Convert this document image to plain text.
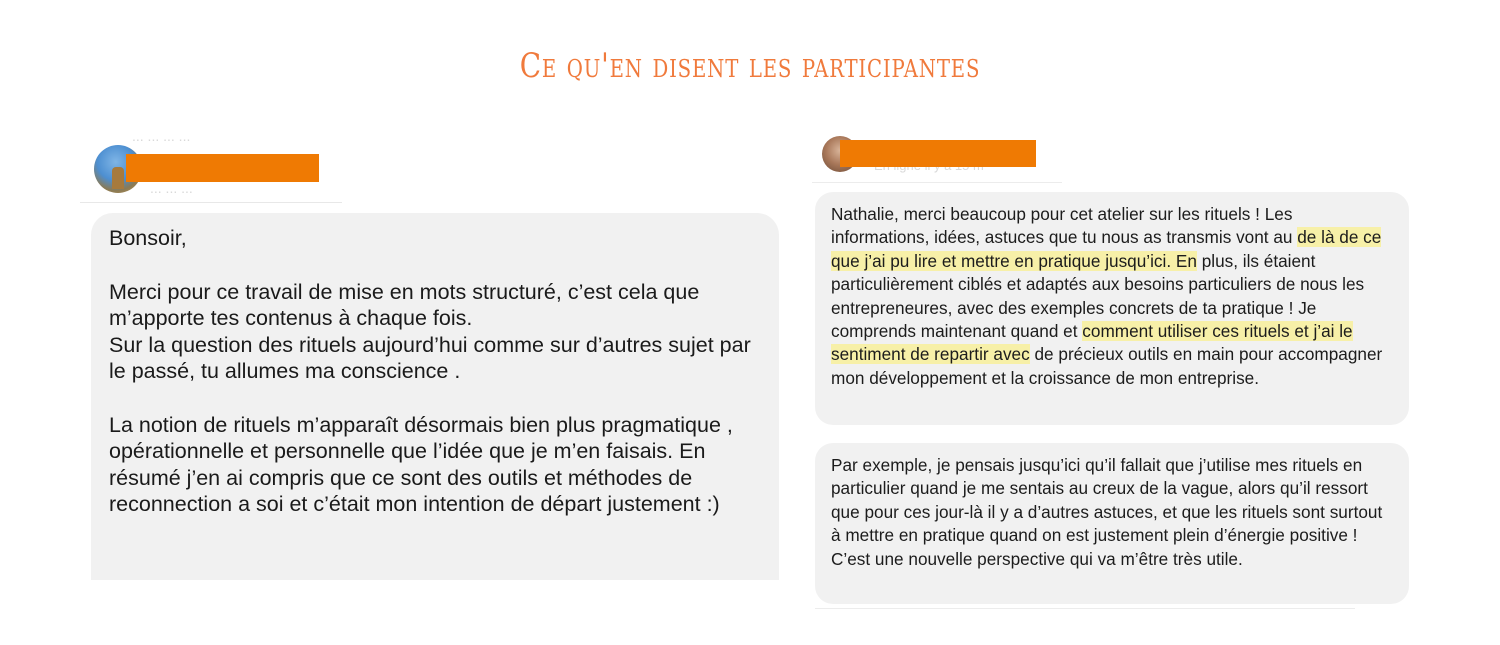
Ce qu'en disent les participantes
... ... ... ...
... ... ...

Bonsoir,

Merci pour ce travail de mise en mots structuré, c’est cela que m’apporte tes contenus à chaque fois.
Sur la question des rituels aujourd’hui comme sur d’autres sujet par le passé, tu allumes ma conscience .

La notion de rituels m’apparaît désormais bien plus pragmatique , opérationnelle et personnelle que l’idée que je m’en faisais. En résumé j’en ai compris que ce sont des outils et méthodes de reconnection a soi et c’était mon intention de départ justement :)

Nathalie, merci beaucoup pour cet atelier sur les rituels ! Les informations, idées, astuces que tu nous as transmis vont au de là de ce que j’ai pu lire et mettre en pratique jusqu’ici. En plus, ils étaient particulièrement ciblés et adaptés aux besoins particuliers de nous les entrepreneures, avec des exemples concrets de ta pratique ! Je comprends maintenant quand et comment utiliser ces rituels et j’ai le sentiment de repartir avec de précieux outils en main pour accompagner mon développement et la croissance de mon entreprise.

Par exemple, je pensais jusqu’ici qu’il fallait que j’utilise mes rituels en particulier quand je me sentais au creux de la vague, alors qu’il ressort que pour ces jour-là il y a d’autres astuces, et que les rituels sont surtout à mettre en pratique quand on est justement plein d’énergie positive ! C’est une nouvelle perspective qui va m’être très utile.
